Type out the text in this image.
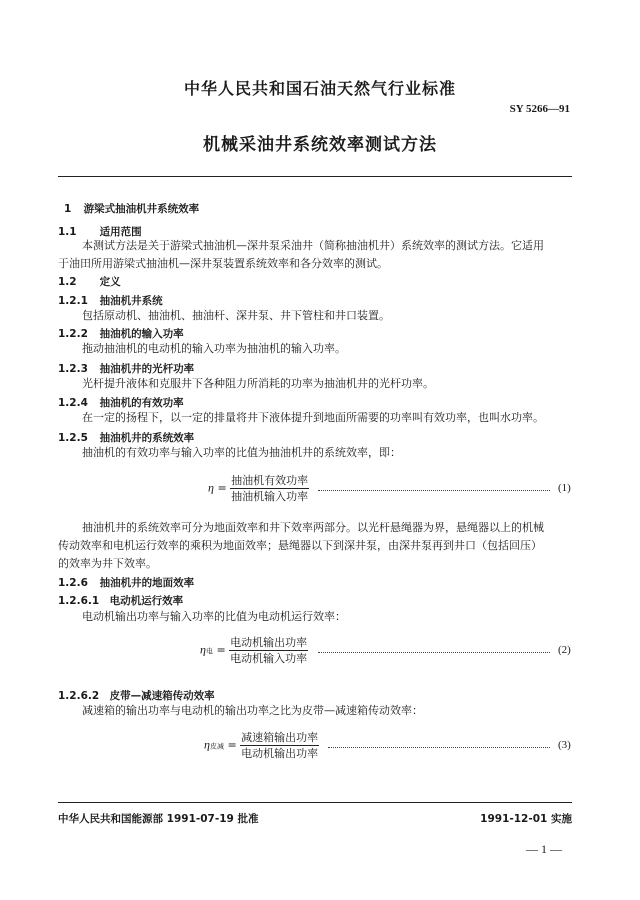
中华人民共和国石油天然气行业标准
SY 5266—91
机械采油井系统效率测试方法
1 游梁式抽油机井系统效率
1.1 适用范围
本测试方法是关于游梁式抽油机—深井泵采油井（简称抽油机井）系统效率的测试方法。它适用
于油田所用游梁式抽油机—深井泵装置系统效率和各分效率的测试。
1.2 定义
1.2.1 抽油机井系统
包括原动机、抽油机、抽油杆、深井泵、井下管柱和井口装置。
1.2.2 抽油机的输入功率
拖动抽油机的电动机的输入功率为抽油机的输入功率。
1.2.3 抽油机井的光杆功率
光杆提升液体和克服井下各种阻力所消耗的功率为抽油机井的光杆功率。
1.2.4 抽油机的有效功率
在一定的扬程下，以一定的排量将井下液体提升到地面所需要的功率叫有效功率，也叫水功率。
1.2.5 抽油机井的系统效率
抽油机的有效功率与输入功率的比值为抽油机井的系统效率，即：
$\eta = \frac{\text{抽油机有效功率}}{\text{抽油机输入功率}}$	(1)
抽油机井的系统效率可分为地面效率和井下效率两部分。以光杆悬绳器为界，悬绳器以上的机械
传动效率和电机运行效率的乘积为地面效率；悬绳器以下到深井泵，由深井泵再到井口（包括回压）
的效率为井下效率。
1.2.6 抽油机井的地面效率
1.2.6.1 电动机运行效率
电动机输出功率与输入功率的比值为电动机运行效率：
η电 = $\frac{\text{电动机输出功率}}{\text{电动机输入功率}}$	(2)
1.2.6.2 皮带—减速箱传动效率
减速箱的输出功率与电动机的输出功率之比为皮带—减速箱传动效率：
η皮减 = $\frac{\text{减速箱输出功率}}{\text{电动机输出功率}}$	(3)
中华人民共和国能源部 1991-07-19 批准	1991-12-01 实施
— 1 —
